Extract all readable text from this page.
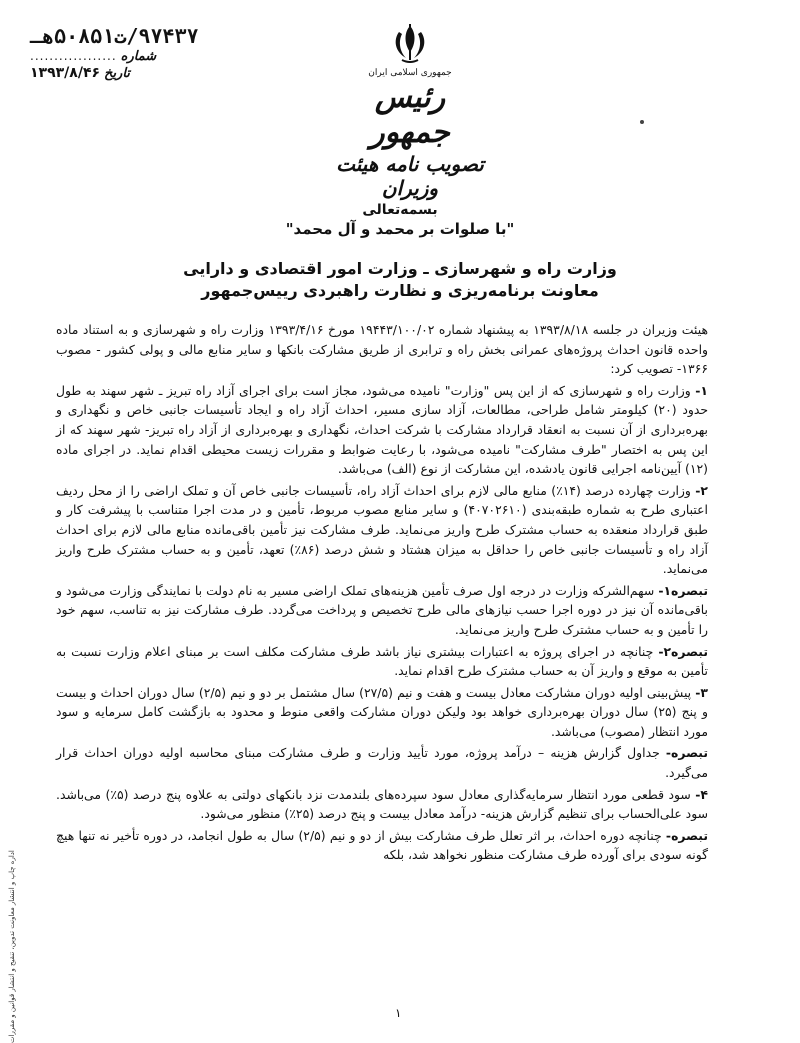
۹۷۴۳۷/ت۵۰۸۵۱هـ
شماره
..................
تاریخ
۱۳۹۳/۸/۴۶	جمهوری اسلامی ایران
رئیس جمهور
تصویب نامه هیئت وزیران
بسمه‌تعالی
"با صلوات بر محمد و آل محمد"
وزارت راه و شهرسازی ـ وزارت امور اقتصادی و دارایی
معاونت برنامه‌ریزی و نظارت راهبردی رییس‌جمهور

هیئت وزیران در جلسه ۱۳۹۳/۸/۱۸ به پیشنهاد شماره ۱۹۴۴۳/۱۰۰/۰۲ مورخ ۱۳۹۳/۴/۱۶ وزارت راه و شهرسازی و به استناد ماده واحده قانون احداث پروژه‌های عمرانی بخش راه و ترابری از طریق مشارکت بانکها و سایر منابع مالی و پولی کشور - مصوب ۱۳۶۶- تصویب کرد:

۱- وزارت راه و شهرسازی که از این پس "وزارت" نامیده می‌شود، مجاز است برای اجرای آزاد راه تبریز ـ شهر سهند به طول حدود (۲۰) کیلومتر شامل طراحی، مطالعات، آزاد سازی مسیر، احداث آزاد راه و ایجاد تأسیسات جانبی خاص و نگهداری و بهره‌برداری از آن نسبت به انعقاد قرارداد مشارکت با شرکت احداث، نگهداری و بهره‌برداری از آزاد راه تبریز- شهر سهند که از این پس به اختصار "طرف مشارکت" نامیده می‌شود، با رعایت ضوابط و مقررات زیست محیطی اقدام نماید. در اجرای ماده (۱۲) آیین‌نامه اجرایی قانون یادشده، این مشارکت از نوع (الف) می‌باشد.

۲- وزارت چهارده درصد (۱۴٪) منابع مالی لازم برای احداث آزاد راه، تأسیسات جانبی خاص آن و تملک اراضی را از محل ردیف اعتباری طرح به شماره طبقه‌بندی (۴۰۷۰۲۶۱۰) و سایر منابع مصوب مربوط، تأمین و در مدت اجرا متناسب با پیشرفت کار و طبق قرارداد منعقده به حساب مشترک طرح واریز می‌نماید. طرف مشارکت نیز تأمین باقی‌مانده منابع مالی لازم برای احداث آزاد راه و تأسیسات جانبی خاص را حداقل به میزان هشتاد و شش درصد (۸۶٪) تعهد، تأمین و به حساب مشترک طرح واریز می‌نماید.

تبصره۱- سهم‌الشرکه وزارت در درجه اول صرف تأمین هزینه‌های تملک اراضی مسیر به نام دولت با نمایندگی وزارت می‌شود و باقی‌مانده آن نیز در دوره اجرا حسب نیازهای مالی طرح تخصیص و پرداخت می‌گردد. طرف مشارکت نیز به تناسب، سهم خود را تأمین و به حساب مشترک طرح واریز می‌نماید.

تبصره۲- چنانچه در اجرای پروژه به اعتبارات بیشتری نیاز باشد طرف مشارکت مکلف است بر مبنای اعلام وزارت نسبت به تأمین به موقع و واریز آن به حساب مشترک طرح اقدام نماید.

۳- پیش‌بینی اولیه دوران مشارکت معادل بیست و هفت و نیم (۲۷/۵) سال مشتمل بر دو و نیم (۲/۵) سال دوران احداث و بیست و پنج (۲۵) سال دوران بهره‌برداری خواهد بود ولیکن دوران مشارکت واقعی منوط و محدود به بازگشت کامل سرمایه و سود مورد انتظار (مصوب) می‌باشد.

تبصره- جداول گزارش هزینه – درآمد پروژه، مورد تأیید وزارت و طرف مشارکت مبنای محاسبه اولیه دوران احداث قرار می‌گیرد.

۴- سود قطعی مورد انتظار سرمایه‌گذاری معادل سود سپرده‌های بلندمدت نزد بانکهای دولتی به علاوه پنج درصد (۵٪) می‌باشد. سود علی‌الحساب برای تنظیم گزارش هزینه- درآمد معادل بیست و پنج درصد (۲۵٪) منظور می‌شود.

تبصره- چنانچه دوره احداث، بر اثر تعلل طرف مشارکت بیش از دو و نیم (۲/۵) سال به طول انجامد، در دوره تأخیر نه تنها هیچ گونه سودی برای آورده طرف مشارکت منظور نخواهد شد، بلکه

۱
اداره چاپ و انتشار معاونت تدوین، تنقیح و انتشار قوانین و مقررات
